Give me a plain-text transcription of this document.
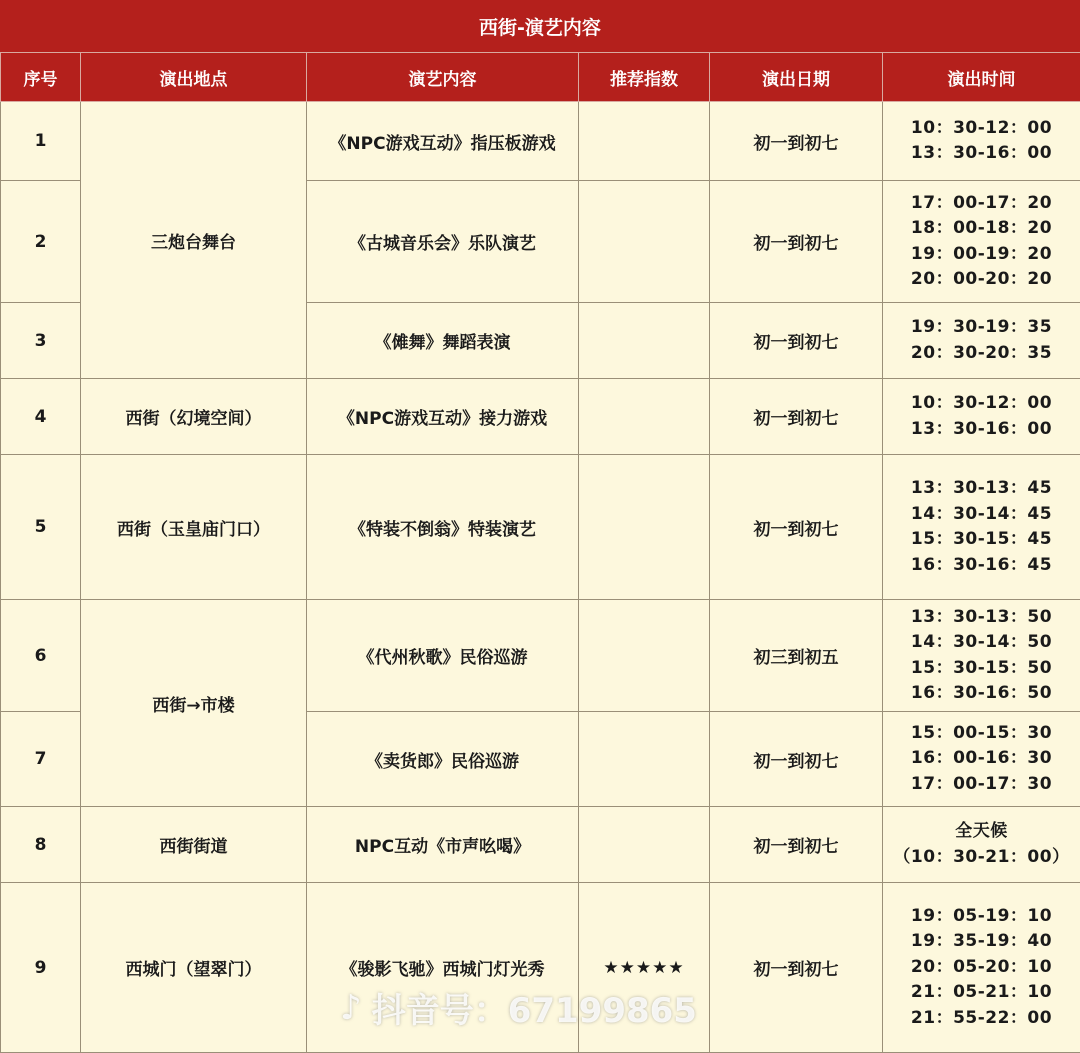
西街-演艺内容
序号	演出地点	演艺内容	推荐指数	演出日期	演出时间
1	三炮台舞台	《NPC游戏互动》指压板游戏		初一到初七	10：30-12：00
13：30-16：00

2		《古城音乐会》乐队演艺		初一到初七	17：00-17：20
18：00-18：20
19：00-19：20
20：00-20：20

3		《傩舞》舞蹈表演		初一到初七	19：30-19：35
20：30-20：35

4	西街（幻境空间）	《NPC游戏互动》接力游戏		初一到初七	10：30-12：00
13：30-16：00

5	西街（玉皇庙门口）	《特装不倒翁》特装演艺		初一到初七	13：30-13：45
14：30-14：45
15：30-15：45
16：30-16：45

6	西街→市楼	《代州秋歌》民俗巡游		初三到初五	13：30-13：50
14：30-14：50
15：30-15：50
16：30-16：50

7		《卖货郎》民俗巡游		初一到初七	15：00-15：30
16：00-16：30
17：00-17：30

8	西街街道	NPC互动《市声吆喝》		初一到初七	全天候
（10：30-21：00）

9	西城门（望翠门）	《骏影飞驰》西城门灯光秀	★★★★★	初一到初七	19：05-19：10
19：35-19：40
20：05-20：10
21：05-21：10
21：55-22：00
♪ 抖音号：67199865
